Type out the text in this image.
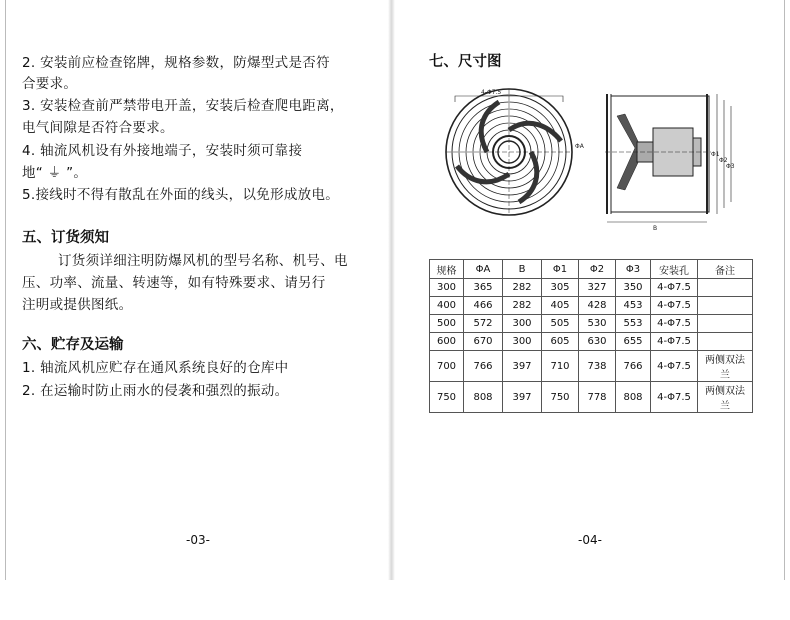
2. 安装前应检查铭牌，规格参数，防爆型式是否符
合要求。
3. 安装检查前严禁带电开盖，安装后检查爬电距离，
电气间隙是否符合要求。
4. 轴流风机设有外接地端子，安装时须可靠接
地“ ⏚ ”。
5.接线时不得有散乱在外面的线头，以免形成放电。
五、订货须知
订货须详细注明防爆风机的型号名称、机号、电
压、功率、流量、转速等，如有特殊要求、请另行
注明或提供图纸。
六、贮存及运输
1. 轴流风机应贮存在通风系统良好的仓库中
2. 在运输时防止雨水的侵袭和强烈的振动。
-03-
七、尺寸图
4-Φ7.5
B
Φ1
Φ2
Φ3
ΦA
规格	ΦA	B	Φ1	Φ2	Φ3	安装孔	备注
300	365	282	305	327	350	4-Φ7.5	
400	466	282	405	428	453	4-Φ7.5	
500	572	300	505	530	553	4-Φ7.5	
600	670	300	605	630	655	4-Φ7.5	
700	766	397	710	738	766	4-Φ7.5	两侧双法兰
750	808	397	750	778	808	4-Φ7.5	两侧双法兰
-04-
